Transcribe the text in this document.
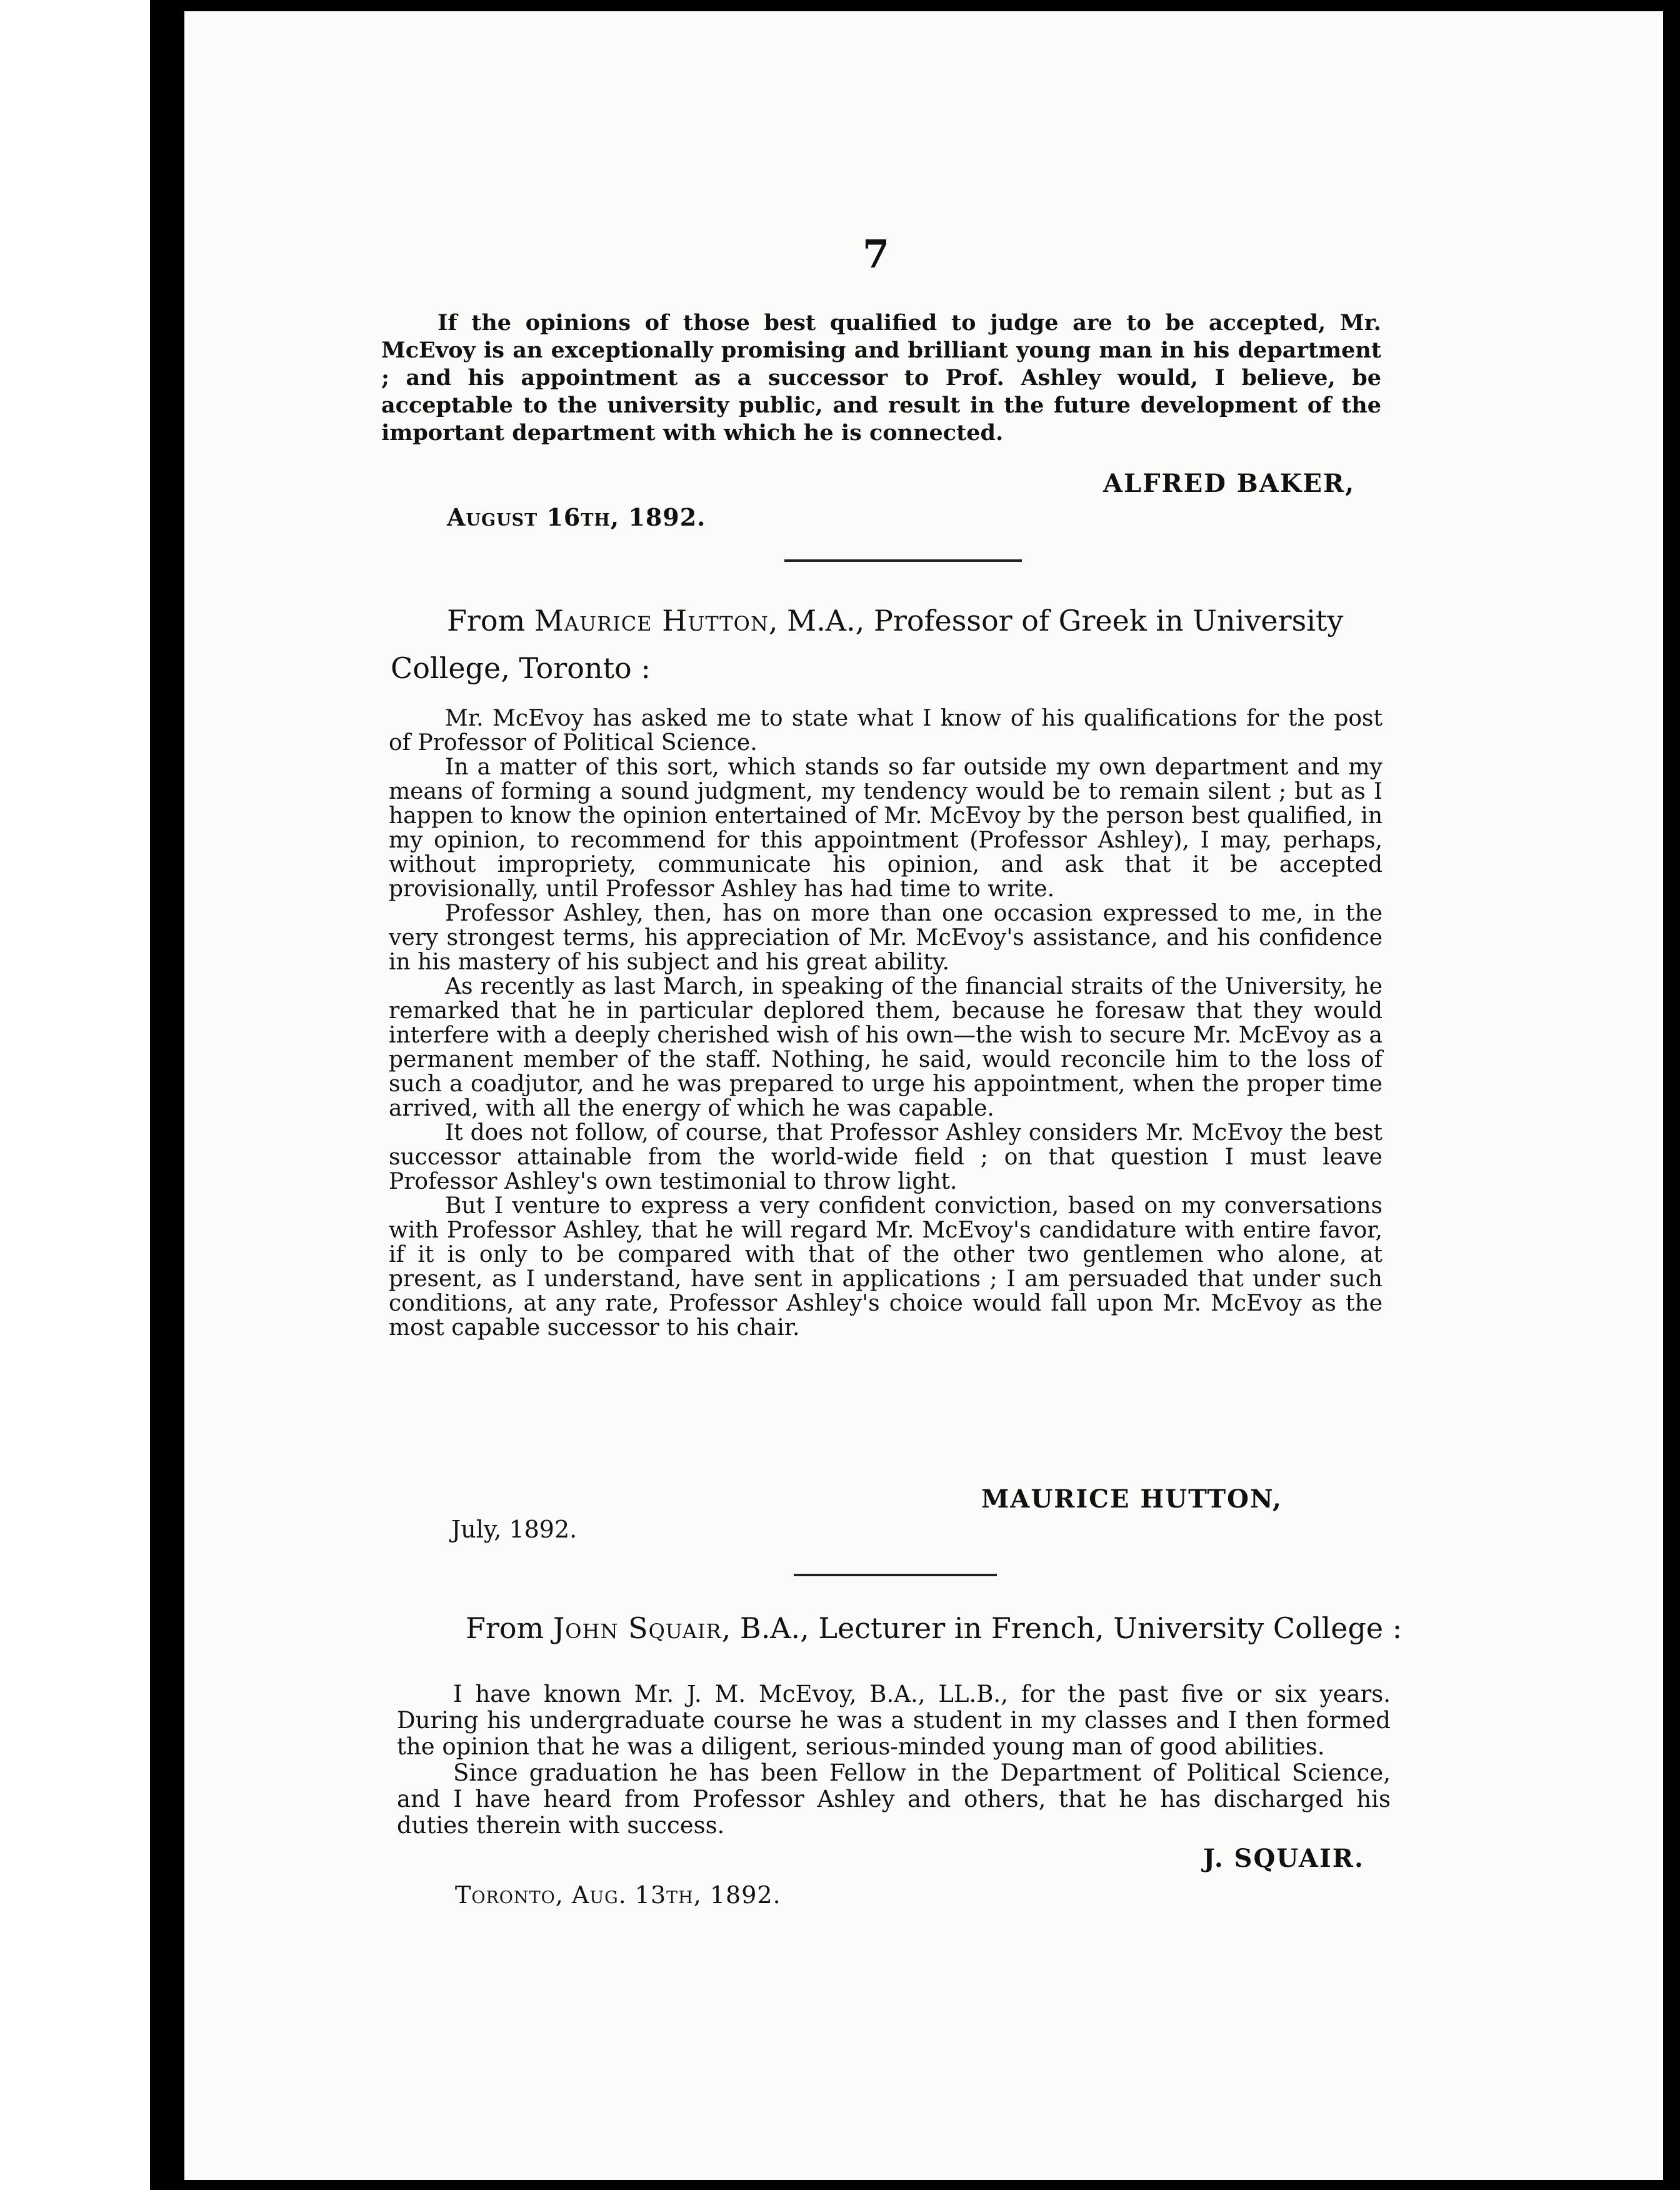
7

If the opinions of those best qualified to judge are to be accepted, Mr. McEvoy is an exceptionally promising and brilliant young man in his department ; and his appointment as a successor to Prof. Ashley would, I believe, be acceptable to the university public, and result in the future development of the important department with which he is connected.

ALFRED BAKER,
August 16th, 1892.
From Maurice Hutton, M.A., Professor of Greek in University
College, Toronto :

Mr. McEvoy has asked me to state what I know of his qualifications for the post of Professor of Political Science.

In a matter of this sort, which stands so far outside my own department and my means of forming a sound judgment, my tendency would be to remain silent ; but as I happen to know the opinion entertained of Mr. McEvoy by the person best qualified, in my opinion, to recommend for this appointment (Professor Ashley), I may, perhaps, without impropriety, communicate his opinion, and ask that it be accepted provisionally, until Professor Ashley has had time to write.

Professor Ashley, then, has on more than one occasion expressed to me, in the very strongest terms, his appreciation of Mr. McEvoy's assistance, and his confidence in his mastery of his subject and his great ability.

As recently as last March, in speaking of the financial straits of the University, he remarked that he in particular deplored them, because he foresaw that they would interfere with a deeply cherished wish of his own—the wish to secure Mr. McEvoy as a permanent member of the staff. Nothing, he said, would reconcile him to the loss of such a coadjutor, and he was prepared to urge his appointment, when the proper time arrived, with all the energy of which he was capable.

It does not follow, of course, that Professor Ashley considers Mr. McEvoy the best successor attainable from the world-wide field ; on that question I must leave Professor Ashley's own testimonial to throw light.

But I venture to express a very confident conviction, based on my conversations with Professor Ashley, that he will regard Mr. McEvoy's candidature with entire favor, if it is only to be compared with that of the other two gentlemen who alone, at present, as I understand, have sent in applications ; I am persuaded that under such conditions, at any rate, Professor Ashley's choice would fall upon Mr. McEvoy as the most capable successor to his chair.

MAURICE HUTTON,
July, 1892.
From John Squair, B.A., Lecturer in French, University College :

I have known Mr. J. M. McEvoy, B.A., LL.B., for the past five or six years. During his undergraduate course he was a student in my classes and I then formed the opinion that he was a diligent, serious-minded young man of good abilities.

Since graduation he has been Fellow in the Department of Political Science, and I have heard from Professor Ashley and others, that he has discharged his duties therein with success.

J. SQUAIR.
Toronto, Aug. 13th, 1892.
